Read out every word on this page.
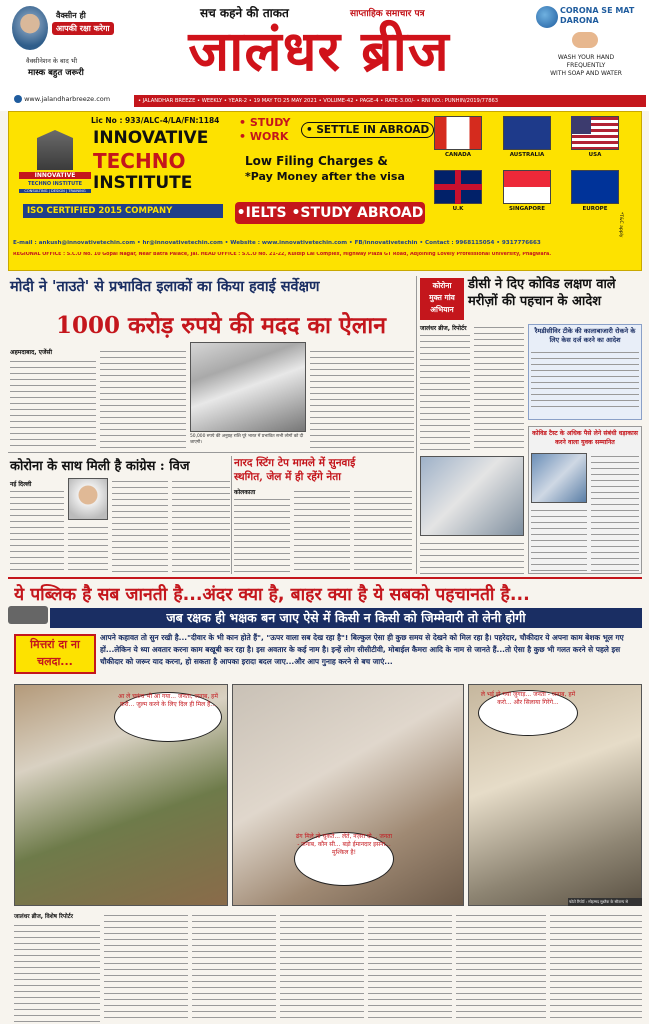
वैक्सीन ही
आपकी रक्षा करेगा
वैक्सीनेशन के बाद भी
मास्क बहुत जरूरी
सच कहने की ताकत	साप्ताहिक समाचार पत्र
जालंधर ब्रीज
CORONA SE MAT DARONA
WASH YOUR HAND
FREQUENTLY
WITH SOAP AND WATER
www.jalandharbreeze.com	• JALANDHAR BREEZE • WEEKLY • YEAR-2 • 19 MAY TO 25 MAY 2021 • VOLUME-42 • PAGE-4 • RATE-3.00/- • RNI NO.: PUNHIN/2019/77863
Lic No : 933/ALC-4/LA/FN:1184
INNOVATIVE
TECHNO INSTITUTE
CONSULTING | DESIGN | TRAINING
INNOVATIVE
TECHNO
INSTITUTE
ISO CERTIFIED 2015 COMPANY
• STUDY
• WORK	• SETTLE IN ABROAD
Low Filing Charges &
*Pay Money after the visa
•IELTS •STUDY ABROAD
CANADA	AUSTRALIA	USA
U.K	SINGAPORE	EUROPE
*T&C apply
E-mail : ankush@innovativetechin.com • hr@innovativetechin.com • Website : www.innovativetechin.com • FB/innovativetechin • Contact : 9968115054 • 9317776663
REGIONAL OFFICE : S.C.O No. 10 Gopal Nagar, Near Batra Palace, Jal. HEAD OFFICE : S.C.O No. 21-22, Kuldip Lal Complex, Highway Plaza GT Road, Adjoining Lovely Professional University, Phagwara.
मोदी ने 'ताउते' से प्रभावित इलाकों का किया हवाई सर्वेक्षण
1000 करोड़ रुपये की मदद का ऐलान
अहमदाबाद, एजेंसी
50,000 रुपये की अनुग्रह राशि पूरे भारत में प्रभावित सभी लोगों को दी जाएगी।
कोरोना के साथ मिली है कांग्रेस : विज
नई दिल्ली
नारद स्टिंग टेप मामले में सुनवाई
स्थगित, जेल में ही रहेंगे नेता
कोलकाता
कोरोना
मुक्त गांव
अभियान
डीसी ने दिए कोविड लक्षण वाले मरीज़ों की पहचान के आदेश
जालंधर ब्रीज, रिपोर्टर	रैमडीसीविर टीके की कालाबाजारी रोकने के लिए केस दर्ज करने का आदेश
कोविड टैस्ट के अधिक पैसे लेने संबंधी धड़ाकास करने वाला युवक सम्मानित
ये पब्लिक है सब जानती है...अंदर क्या है, बाहर क्या है ये सबको पहचानती है...
जब रक्षक ही भक्षक बन जाए ऐसे में किसी न किसी को जिम्मेवारी तो लेनी होगी
मित्तरां दा ना
चलदा...
आपने कहावत तो सुन रखी है..."दीवार के भी कान होते हैं", "ऊपर वाला सब देख रहा है"! बिल्कुल ऐसा ही कुछ समय से देखने को मिल रहा है। पहरेदार, चौकीदार ये अपना काम बेशक भूल गए हों...लेकिन ये ‌ध्या अवतार करना काम बखूबी कर रहा है। इस अवतार के कई नाम है। इन्हें लोग सीसीटीवी, मोबाईल कैमरा आदि के नाम से जानते हैं...तो ऐसा है कुछ भी गलत करने से पहले इस चौकीदार को जरूर याद करना, हो सकता है आपका इरादा बदल जाए...और आप गुनाह करने से बच जाएं...
आ ले चकंच भी आ गया... जनता, जनाब, हमें करो... जुल्म करने के लिए दिल ही मिल है...
ढंग मिले तो चुकते... लेते, नज़रा दो... जनता - जनाब, कौन सी... बड़ो ईमानदार इसना... मुश्किल है!
ले भई हो गया जुगाड़... जनता - जनाब, हमें करो... और सिलाया गिरेंगे...
फोटो रिपोर्ट : मोहम्मद मुश्तैक के सौजन्य से
जालंधर ब्रीज, विशेष रिपोर्टर
